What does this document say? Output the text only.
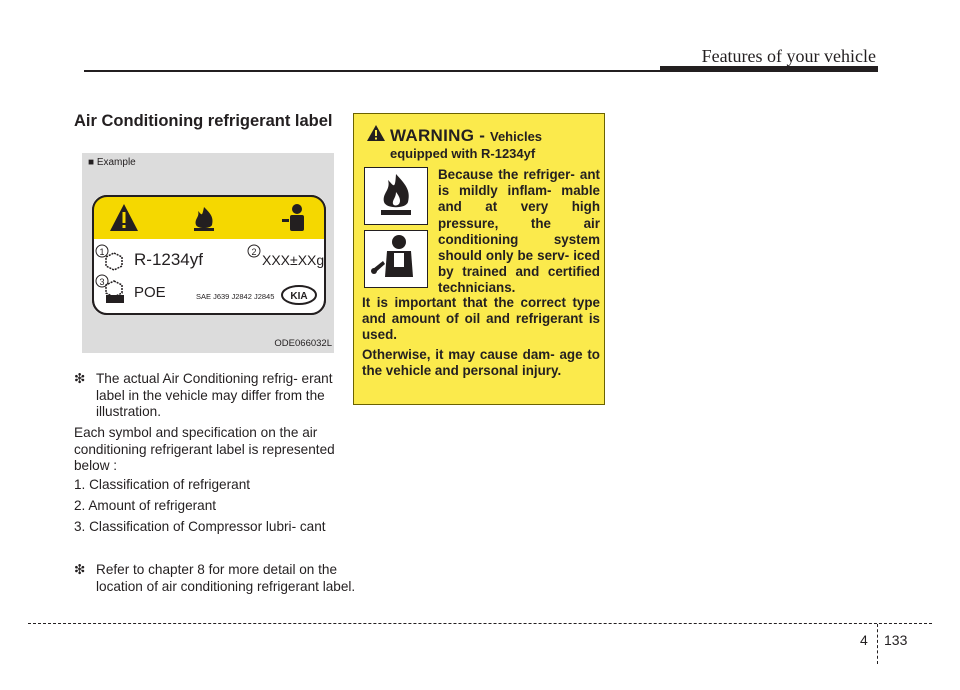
Features of your vehicle
Air Conditioning refrigerant label
■ Example
1
3
R-1234yf	2 XXX±XXg
POE	SAE J639 J2842 J2845 KIA
ODE066032L

❇ The actual Air Conditioning refrig- erant label in the vehicle may differ from the illustration.

Each symbol and specification on the air conditioning refrigerant label is represented below :

1. Classification of refrigerant

2. Amount of refrigerant

3. Classification of Compressor lubri- cant

❇ Refer to chapter 8 for more detail on the location of air conditioning refrigerant label.

WARNING - Vehicles
equipped with R-1234yf

Because the refriger- ant is mildly inflam- mable and at very high pressure, the air conditioning system should only be serv- iced by trained and certified technicians.

It is important that the correct type and amount of oil and refrigerant is used.

Otherwise, it may cause dam- age to the vehicle and personal injury.

4 133
